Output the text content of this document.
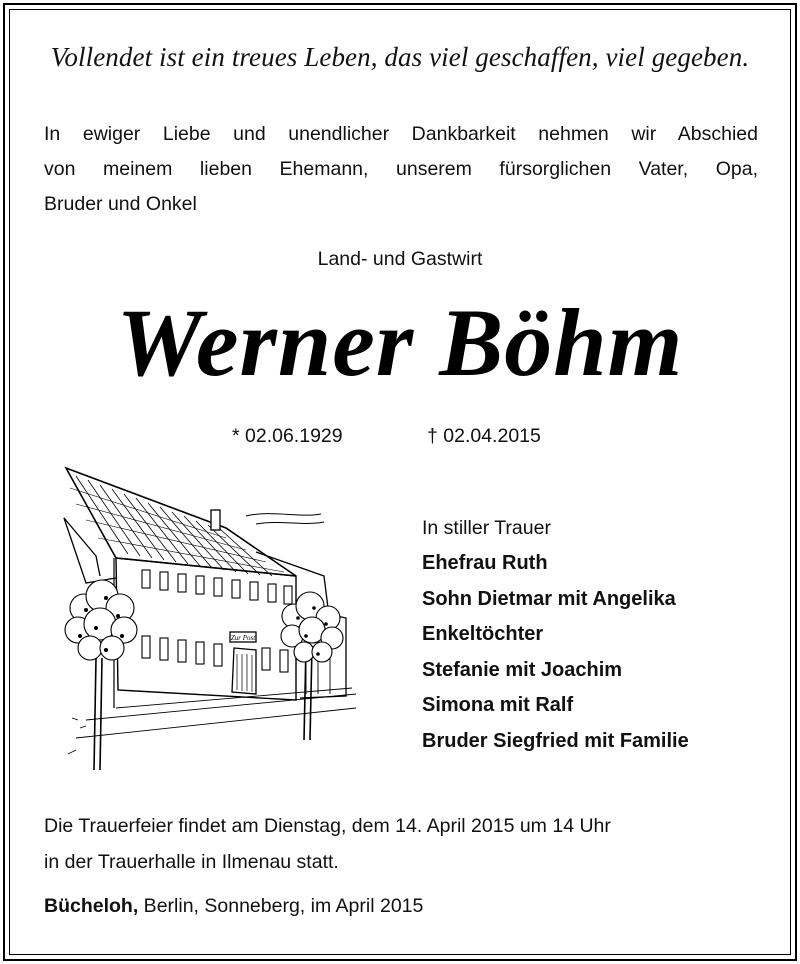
Vollendet ist ein treues Leben, das viel geschaffen, viel gegeben.
In ewiger Liebe und unendlicher Dankbarkeit nehmen wir Abschied
von meinem lieben Ehemann, unserem fürsorglichen Vater, Opa,
Bruder und Onkel
Land- und Gastwirt
Werner Böhm
* 02.06.1929	† 02.04.2015
Zur Post
In stiller Trauer
Ehefrau Ruth
Sohn Dietmar mit Angelika
Enkeltöchter
Stefanie mit Joachim
Simona mit Ralf
Bruder Siegfried mit Familie
Die Trauerfeier findet am Dienstag, dem 14. April 2015 um 14 Uhr
in der Trauerhalle in Ilmenau statt.
Bücheloh, Berlin, Sonneberg, im April 2015
